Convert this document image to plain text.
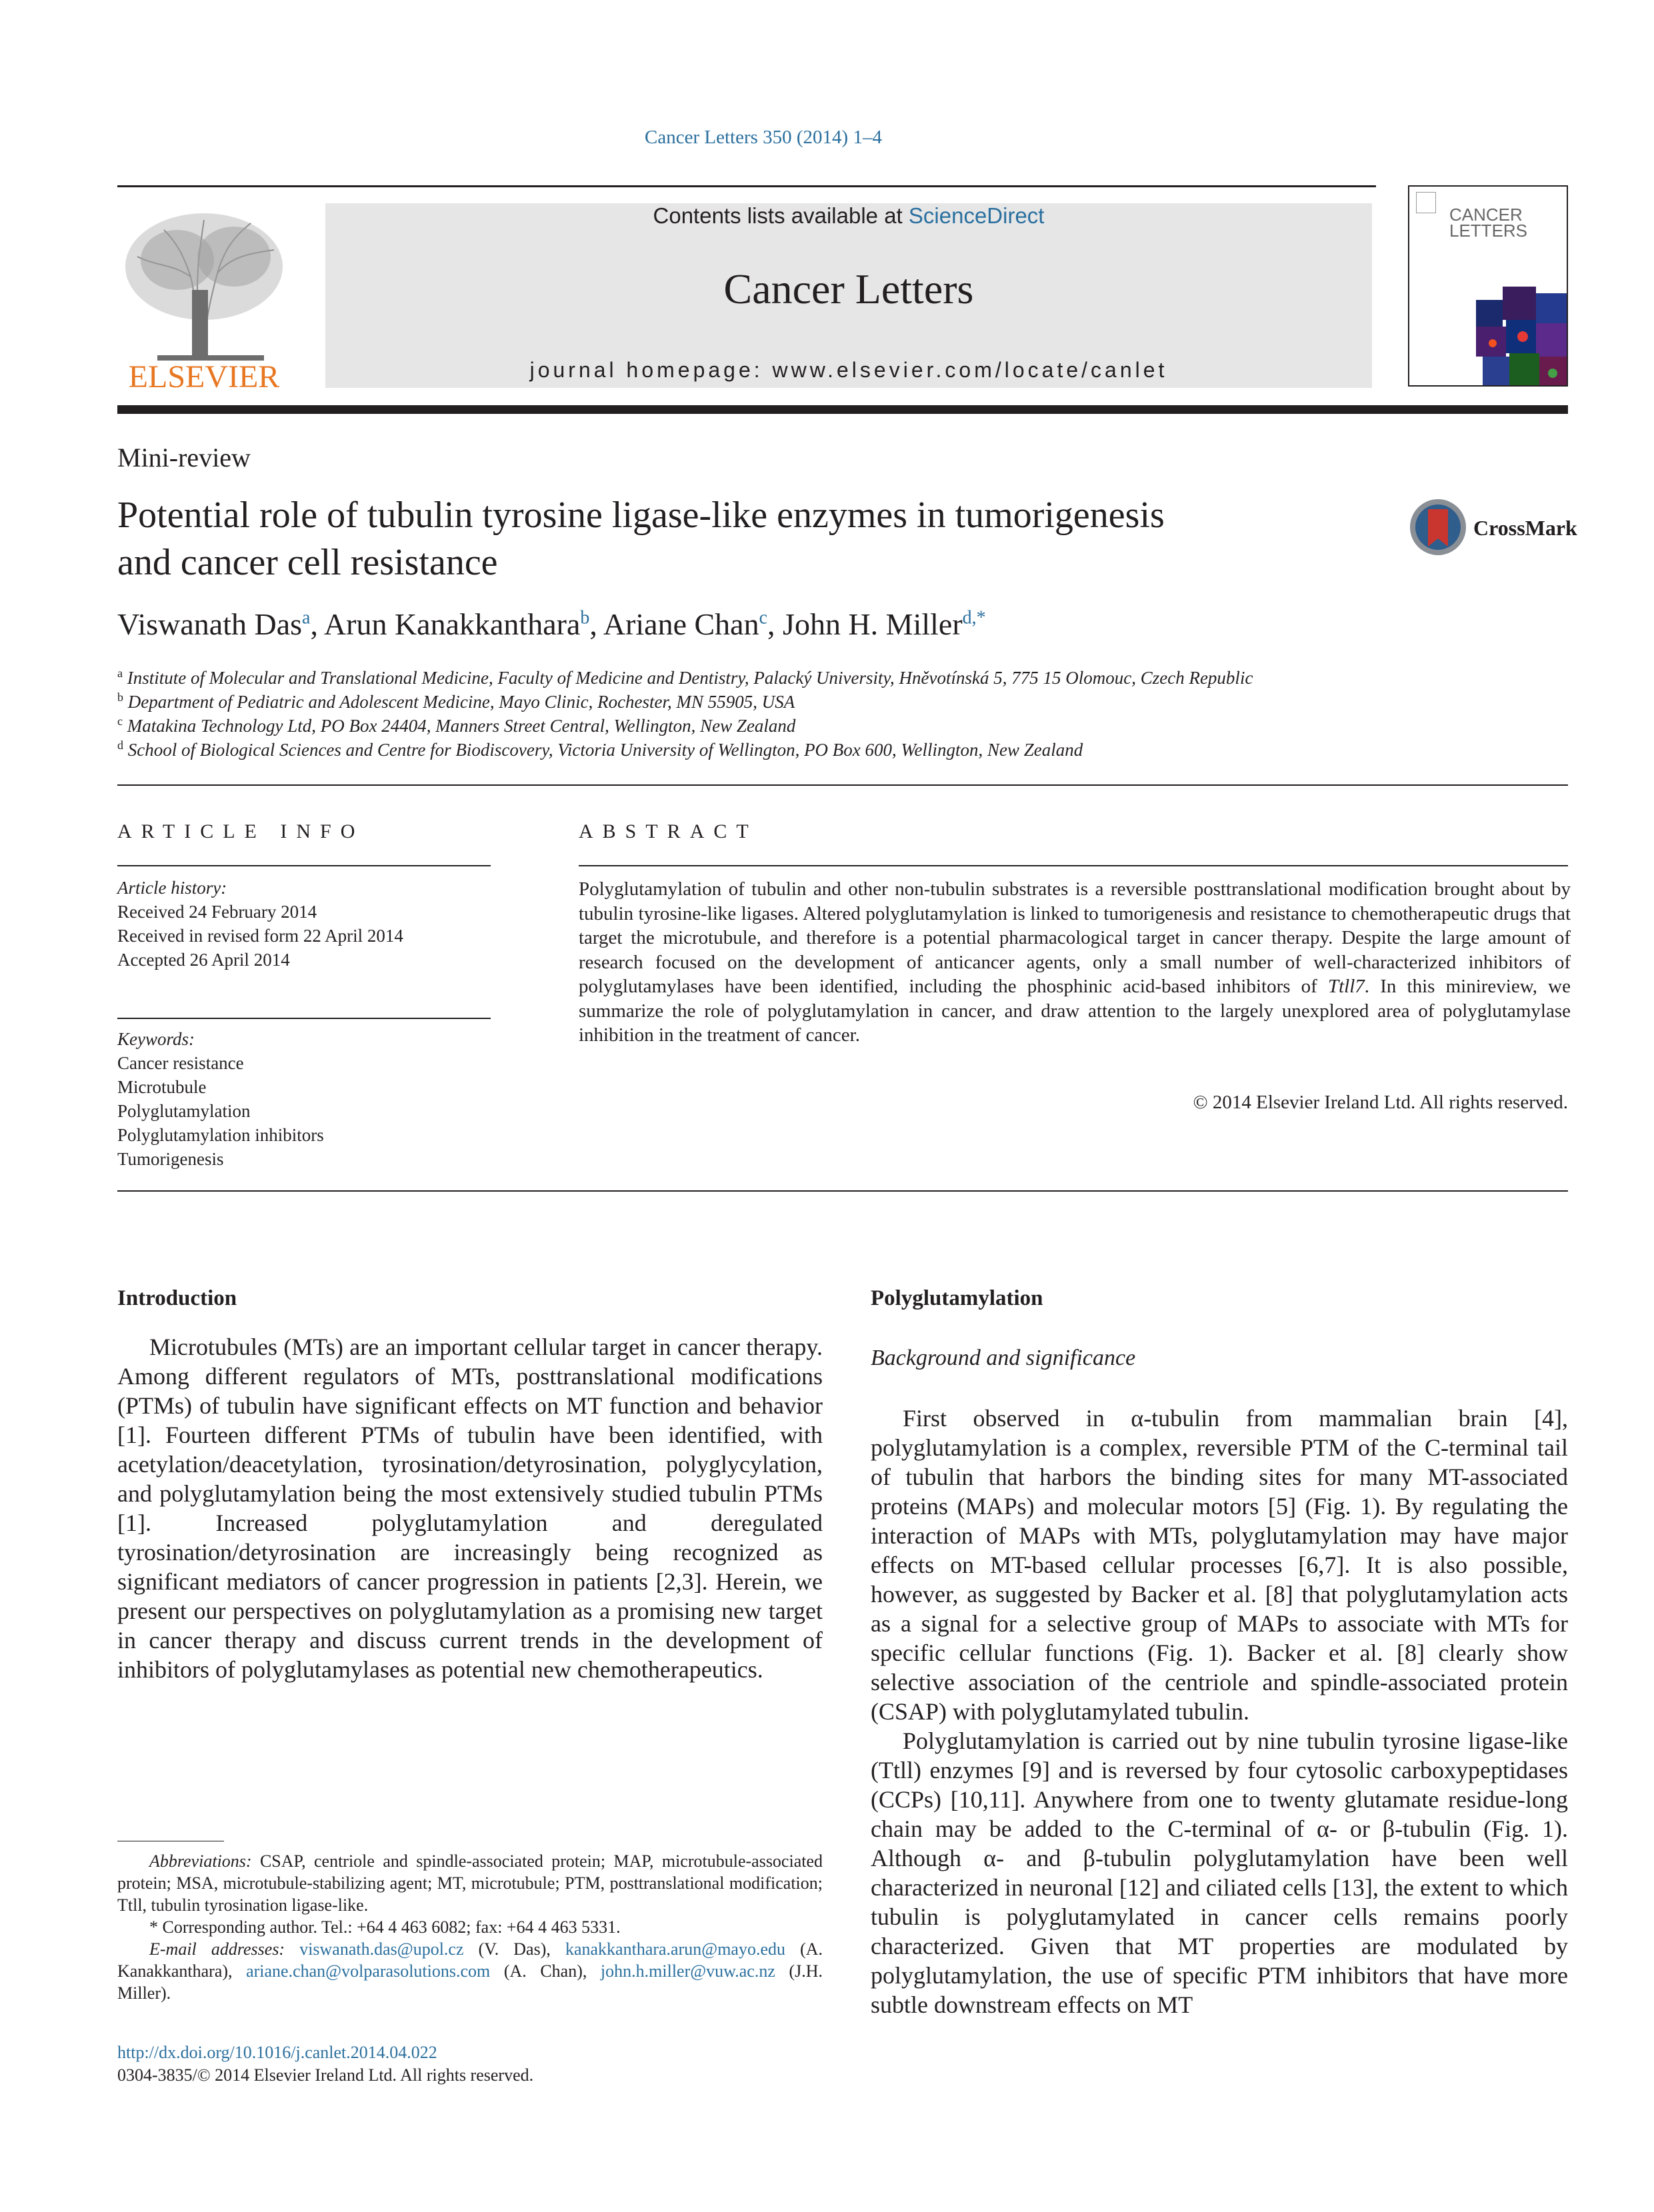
Cancer Letters 350 (2014) 1–4
ELSEVIER
Contents lists available at ScienceDirect
Cancer Letters
journal homepage: www.elsevier.com/locate/canlet
CANCER LETTERS
Mini-review
Potential role of tubulin tyrosine ligase-like enzymes in tumorigenesis
and cancer cell resistance
CrossMark
Viswanath Das$^a$, Arun Kanakkanthara$^b$, Ariane Chan$^c$, John H. Miller$^{d,*}$
$^a$ Institute of Molecular and Translational Medicine, Faculty of Medicine and Dentistry, Palacký University, Hněvotínská 5, 775 15 Olomouc, Czech Republic
$^b$ Department of Pediatric and Adolescent Medicine, Mayo Clinic, Rochester, MN 55905, USA
$^c$ Matakina Technology Ltd, PO Box 24404, Manners Street Central, Wellington, New Zealand
$^d$ School of Biological Sciences and Centre for Biodiscovery, Victoria University of Wellington, PO Box 600, Wellington, New Zealand
ARTICLE INFO
Article history:
Received 24 February 2014
Received in revised form 22 April 2014
Accepted 26 April 2014
Keywords:
Cancer resistance
Microtubule
Polyglutamylation
Polyglutamylation inhibitors
Tumorigenesis
ABSTRACT
Polyglutamylation of tubulin and other non-tubulin substrates is a reversible posttranslational modification brought about by tubulin tyrosine-like ligases. Altered polyglutamylation is linked to tumorigenesis and resistance to chemotherapeutic drugs that target the microtubule, and therefore is a potential pharmacological target in cancer therapy. Despite the large amount of research focused on the development of anticancer agents, only a small number of well-characterized inhibitors of polyglutamylases have been identified, including the phosphinic acid-based inhibitors of Ttll7. In this minireview, we summarize the role of polyglutamylation in cancer, and draw attention to the largely unexplored area of polyglutamylase inhibition in the treatment of cancer.
© 2014 Elsevier Ireland Ltd. All rights reserved.
Introduction

Microtubules (MTs) are an important cellular target in cancer therapy. Among different regulators of MTs, posttranslational modifications (PTMs) of tubulin have significant effects on MT function and behavior [1]. Fourteen different PTMs of tubulin have been identified, with acetylation/deacetylation, tyrosination/detyrosination, polyglycylation, and polyglutamylation being the most extensively studied tubulin PTMs [1]. Increased polyglutamylation and deregulated tyrosination/detyrosination are increasingly being recognized as significant mediators of cancer progression in patients [2,3]. Herein, we present our perspectives on polyglutamylation as a promising new target in cancer therapy and discuss current trends in the development of inhibitors of polyglutamylases as potential new chemotherapeutics.

Abbreviations: CSAP, centriole and spindle-associated protein; MAP, microtubule-associated protein; MSA, microtubule-stabilizing agent; MT, microtubule; PTM, posttranslational modification; Ttll, tubulin tyrosination ligase-like.

* Corresponding author. Tel.: +64 4 463 6082; fax: +64 4 463 5331.

E-mail addresses: viswanath.das@upol.cz (V. Das), kanakkanthara.arun@mayo.edu (A. Kanakkanthara), ariane.chan@volparasolutions.com (A. Chan), john.h.miller@vuw.ac.nz (J.H. Miller).

http://dx.doi.org/10.1016/j.canlet.2014.04.022
0304-3835/© 2014 Elsevier Ireland Ltd. All rights reserved.
Polyglutamylation
Background and significance

First observed in α-tubulin from mammalian brain [4], polyglutamylation is a complex, reversible PTM of the C-terminal tail of tubulin that harbors the binding sites for many MT-associated proteins (MAPs) and molecular motors [5] (Fig. 1). By regulating the interaction of MAPs with MTs, polyglutamylation may have major effects on MT-based cellular processes [6,7]. It is also possible, however, as suggested by Backer et al. [8] that polyglutamylation acts as a signal for a selective group of MAPs to associate with MTs for specific cellular functions (Fig. 1). Backer et al. [8] clearly show selective association of the centriole and spindle-associated protein (CSAP) with polyglutamylated tubulin.

Polyglutamylation is carried out by nine tubulin tyrosine ligase-like (Ttll) enzymes [9] and is reversed by four cytosolic carboxypeptidases (CCPs) [10,11]. Anywhere from one to twenty glutamate residue-long chain may be added to the C-terminal of α- or β-tubulin (Fig. 1). Although α- and β-tubulin polyglutamylation have been well characterized in neuronal [12] and ciliated cells [13], the extent to which tubulin is polyglutamylated in cancer cells remains poorly characterized. Given that MT properties are modulated by polyglutamylation, the use of specific PTM inhibitors that have more subtle downstream effects on MT
